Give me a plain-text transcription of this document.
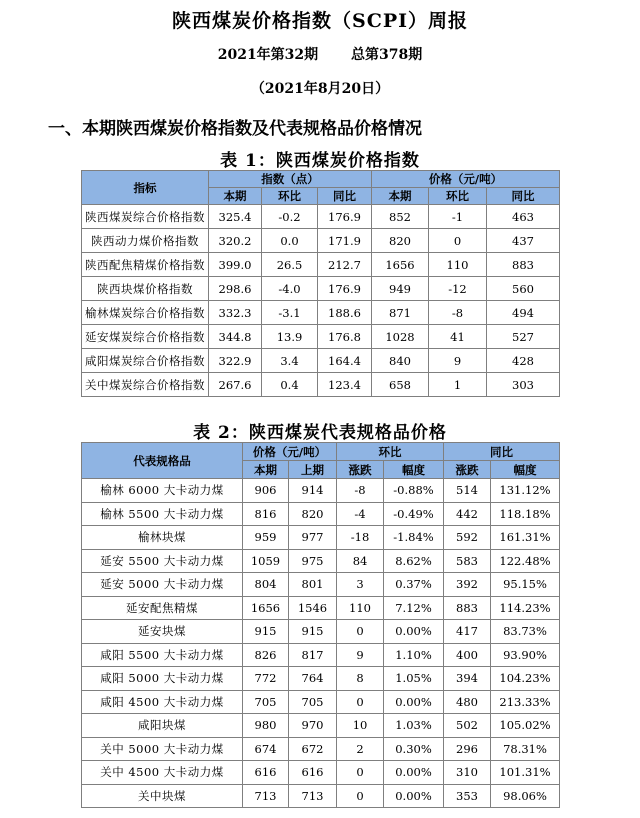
陕西煤炭价格指数（SCPI）周报
2021年第32期 总第378期
（2021年8月20日）
一、本期陕西煤炭价格指数及代表规格品价格情况
表 1：陕西煤炭价格指数
指标	指数（点）			价格（元/吨）		
	本期	环比	同比	本期	环比	同比
陕西煤炭综合价格指数	325.4	-0.2	176.9	852	-1	463
陕西动力煤价格指数	320.2	0.0	171.9	820	0	437
陕西配焦精煤价格指数	399.0	26.5	212.7	1656	110	883
陕西块煤价格指数	298.6	-4.0	176.9	949	-12	560
榆林煤炭综合价格指数	332.3	-3.1	188.6	871	-8	494
延安煤炭综合价格指数	344.8	13.9	176.8	1028	41	527
咸阳煤炭综合价格指数	322.9	3.4	164.4	840	9	428
关中煤炭综合价格指数	267.6	0.4	123.4	658	1	303
表 2：陕西煤炭代表规格品价格
代表规格品	价格（元/吨）		环比		同比	
	本期	上期	涨跌	幅度	涨跌	幅度
榆林 6000 大卡动力煤	906	914	-8	-0.88%	514	131.12%
榆林 5500 大卡动力煤	816	820	-4	-0.49%	442	118.18%
榆林块煤	959	977	-18	-1.84%	592	161.31%
延安 5500 大卡动力煤	1059	975	84	8.62%	583	122.48%
延安 5000 大卡动力煤	804	801	3	0.37%	392	95.15%
延安配焦精煤	1656	1546	110	7.12%	883	114.23%
延安块煤	915	915	0	0.00%	417	83.73%
咸阳 5500 大卡动力煤	826	817	9	1.10%	400	93.90%
咸阳 5000 大卡动力煤	772	764	8	1.05%	394	104.23%
咸阳 4500 大卡动力煤	705	705	0	0.00%	480	213.33%
咸阳块煤	980	970	10	1.03%	502	105.02%
关中 5000 大卡动力煤	674	672	2	0.30%	296	78.31%
关中 4500 大卡动力煤	616	616	0	0.00%	310	101.31%
关中块煤	713	713	0	0.00%	353	98.06%
